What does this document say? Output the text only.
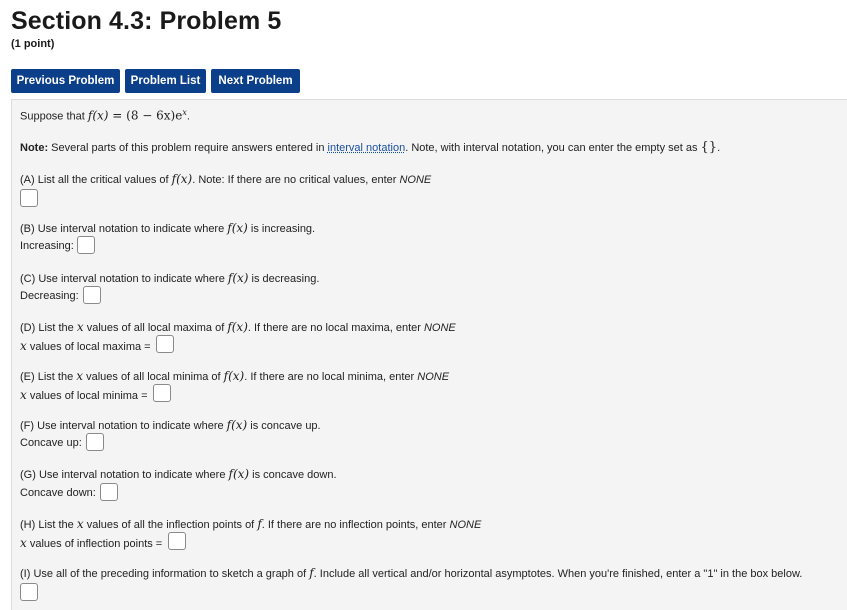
Section 4.3: Problem 5
(1 point)
Previous Problem	Problem List	Next Problem
Suppose that $f(x) = (8 - 6x)e^x$.
Note: Several parts of this problem require answers entered in interval notation. Note, with interval notation, you can enter the empty set as {}.
(A) List all the critical values of f(x). Note: If there are no critical values, enter NONE
(B) Use interval notation to indicate where f(x) is increasing.
Increasing:
(C) Use interval notation to indicate where f(x) is decreasing.
Decreasing:
(D) List the x values of all local maxima of f(x). If there are no local maxima, enter NONE
x values of local maxima =
(E) List the x values of all local minima of f(x). If there are no local minima, enter NONE
x values of local minima =
(F) Use interval notation to indicate where f(x) is concave up.
Concave up:
(G) Use interval notation to indicate where f(x) is concave down.
Concave down:
(H) List the x values of all the inflection points of f. If there are no inflection points, enter NONE
x values of inflection points =
(I) Use all of the preceding information to sketch a graph of f. Include all vertical and/or horizontal asymptotes. When you're finished, enter a "1" in the box below.
